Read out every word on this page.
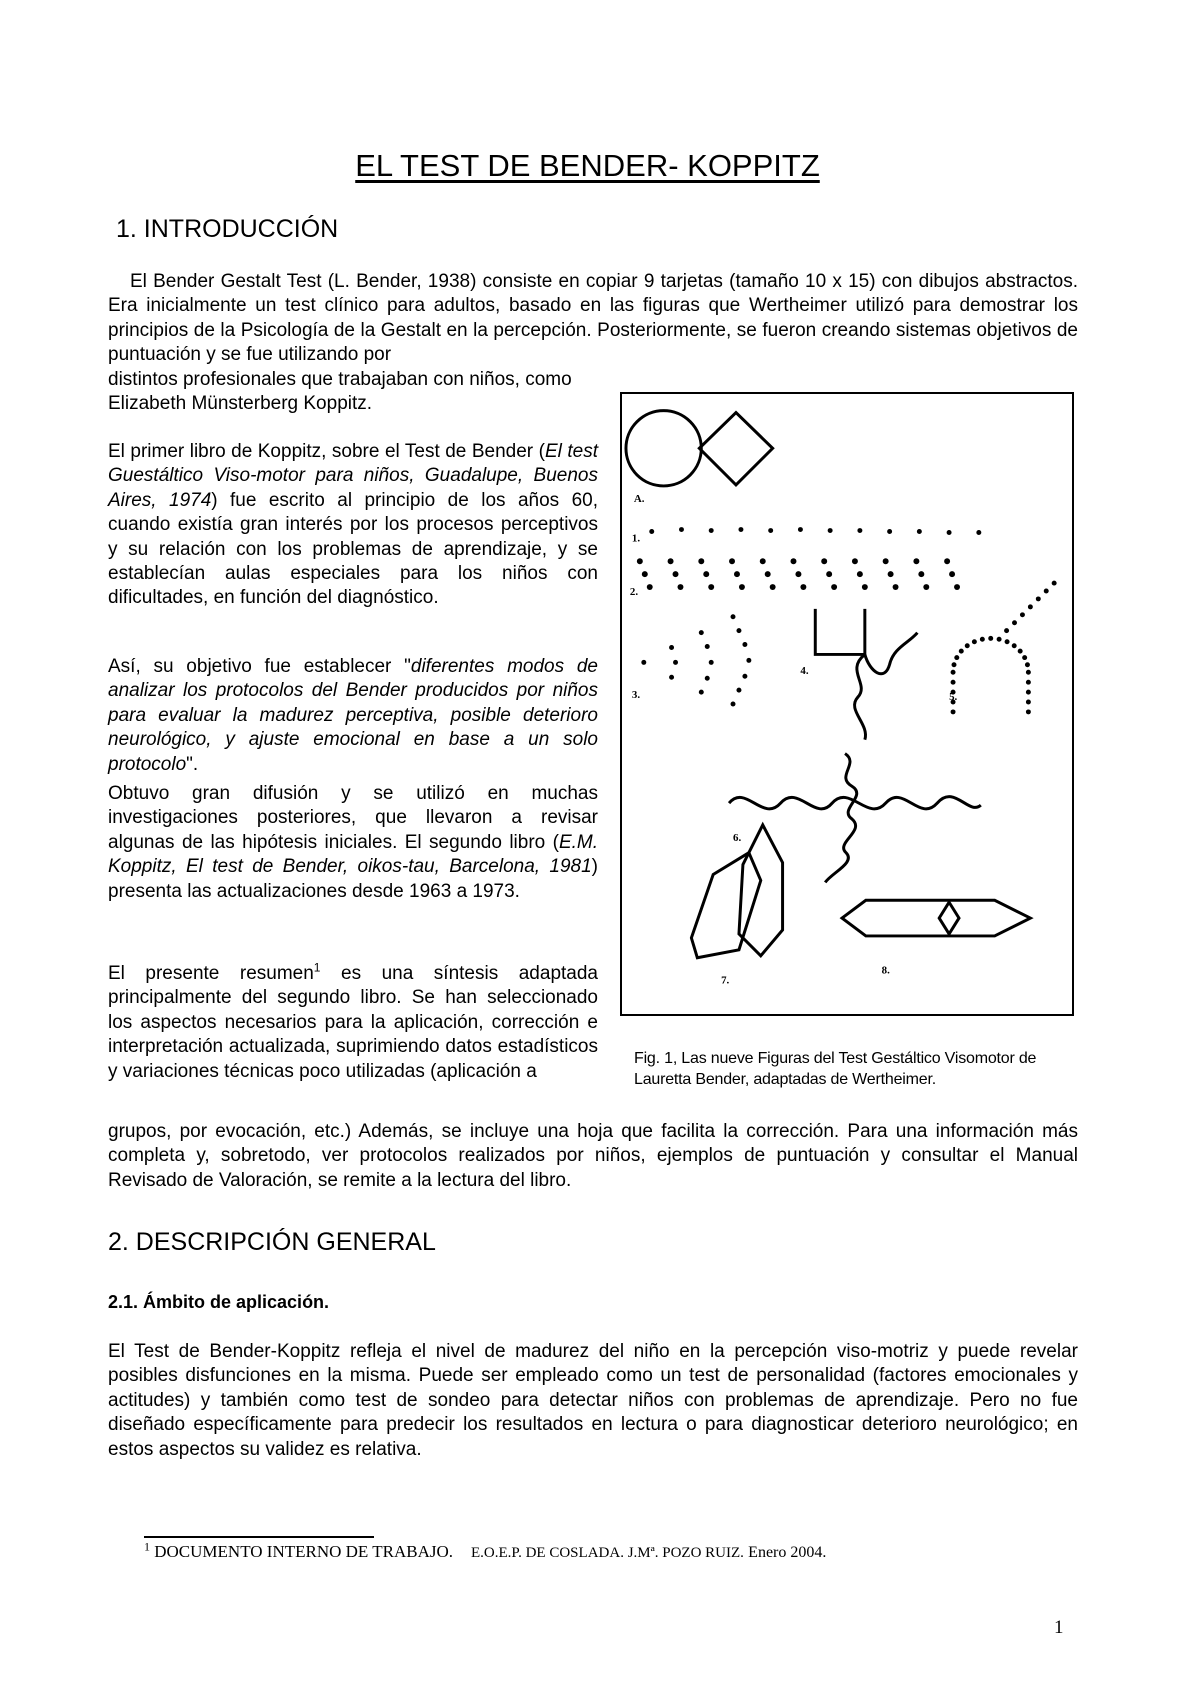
EL TEST DE BENDER- KOPPITZ
1. INTRODUCCIÓN

El Bender Gestalt Test (L. Bender, 1938) consiste en copiar 9 tarjetas (tamaño 10 x 15) con dibujos abstractos. Era inicialmente un test clínico para adultos, basado en las figuras que Wertheimer utilizó para demostrar los principios de la Psicología de la Gestalt en la percepción. Posteriormente, se fueron creando sistemas objetivos de puntuación y se fue utilizando por

distintos profesionales que trabajaban con niños, como Elizabeth Münsterberg Koppitz.

El primer libro de Koppitz, sobre el Test de Bender (El test Guestáltico Viso-motor para niños, Guadalupe, Buenos Aires, 1974) fue escrito al principio de los años 60, cuando existía gran interés por los procesos perceptivos y su relación con los problemas de aprendizaje, y se establecían aulas especiales para los niños con dificultades, en función del diagnóstico.

Así, su objetivo fue establecer "diferentes modos de analizar los protocolos del Bender producidos por niños para evaluar la madurez perceptiva, posible deterioro neurológico, y ajuste emocional en base a un solo protocolo".

Obtuvo gran difusión y se utilizó en muchas investigaciones posteriores, que llevaron a revisar algunas de las hipótesis iniciales. El segundo libro (E.M. Koppitz, El test de Bender, oikos-tau, Barcelona, 1981) presenta las actualizaciones desde 1963 a 1973.

El presente resumen$^1$ es una síntesis adaptada principalmente del segundo libro. Se han seleccionado los aspectos necesarios para la aplicación, corrección e interpretación actualizada, suprimiendo datos estadísticos y variaciones técnicas poco utilizadas (aplicación a

grupos, por evocación, etc.) Además, se incluye una hoja que facilita la corrección. Para una información más completa y, sobretodo, ver protocolos realizados por niños, ejemplos de puntuación y consultar el Manual Revisado de Valoración, se remite a la lectura del libro.

A.
1.
2.
3.
4.
5.
6.
7.
8.
Fig. 1, Las nueve Figuras del Test Gestáltico Visomotor de Lauretta Bender, adaptadas de Wertheimer.
2. DESCRIPCIÓN GENERAL
2.1. Ámbito de aplicación.

El Test de Bender-Koppitz refleja el nivel de madurez del niño en la percepción viso-motriz y puede revelar posibles disfunciones en la misma. Puede ser empleado como un test de personalidad (factores emocionales y actitudes) y también como test de sondeo para detectar niños con problemas de aprendizaje. Pero no fue diseñado específicamente para predecir los resultados en lectura o para diagnosticar deterioro neurológico; en estos aspectos su validez es relativa.

$^1$ DOCUMENTO INTERNO DE TRABAJO. E.O.E.P. DE COSLADA. J.Mª. POZO RUIZ. Enero 2004.
1
